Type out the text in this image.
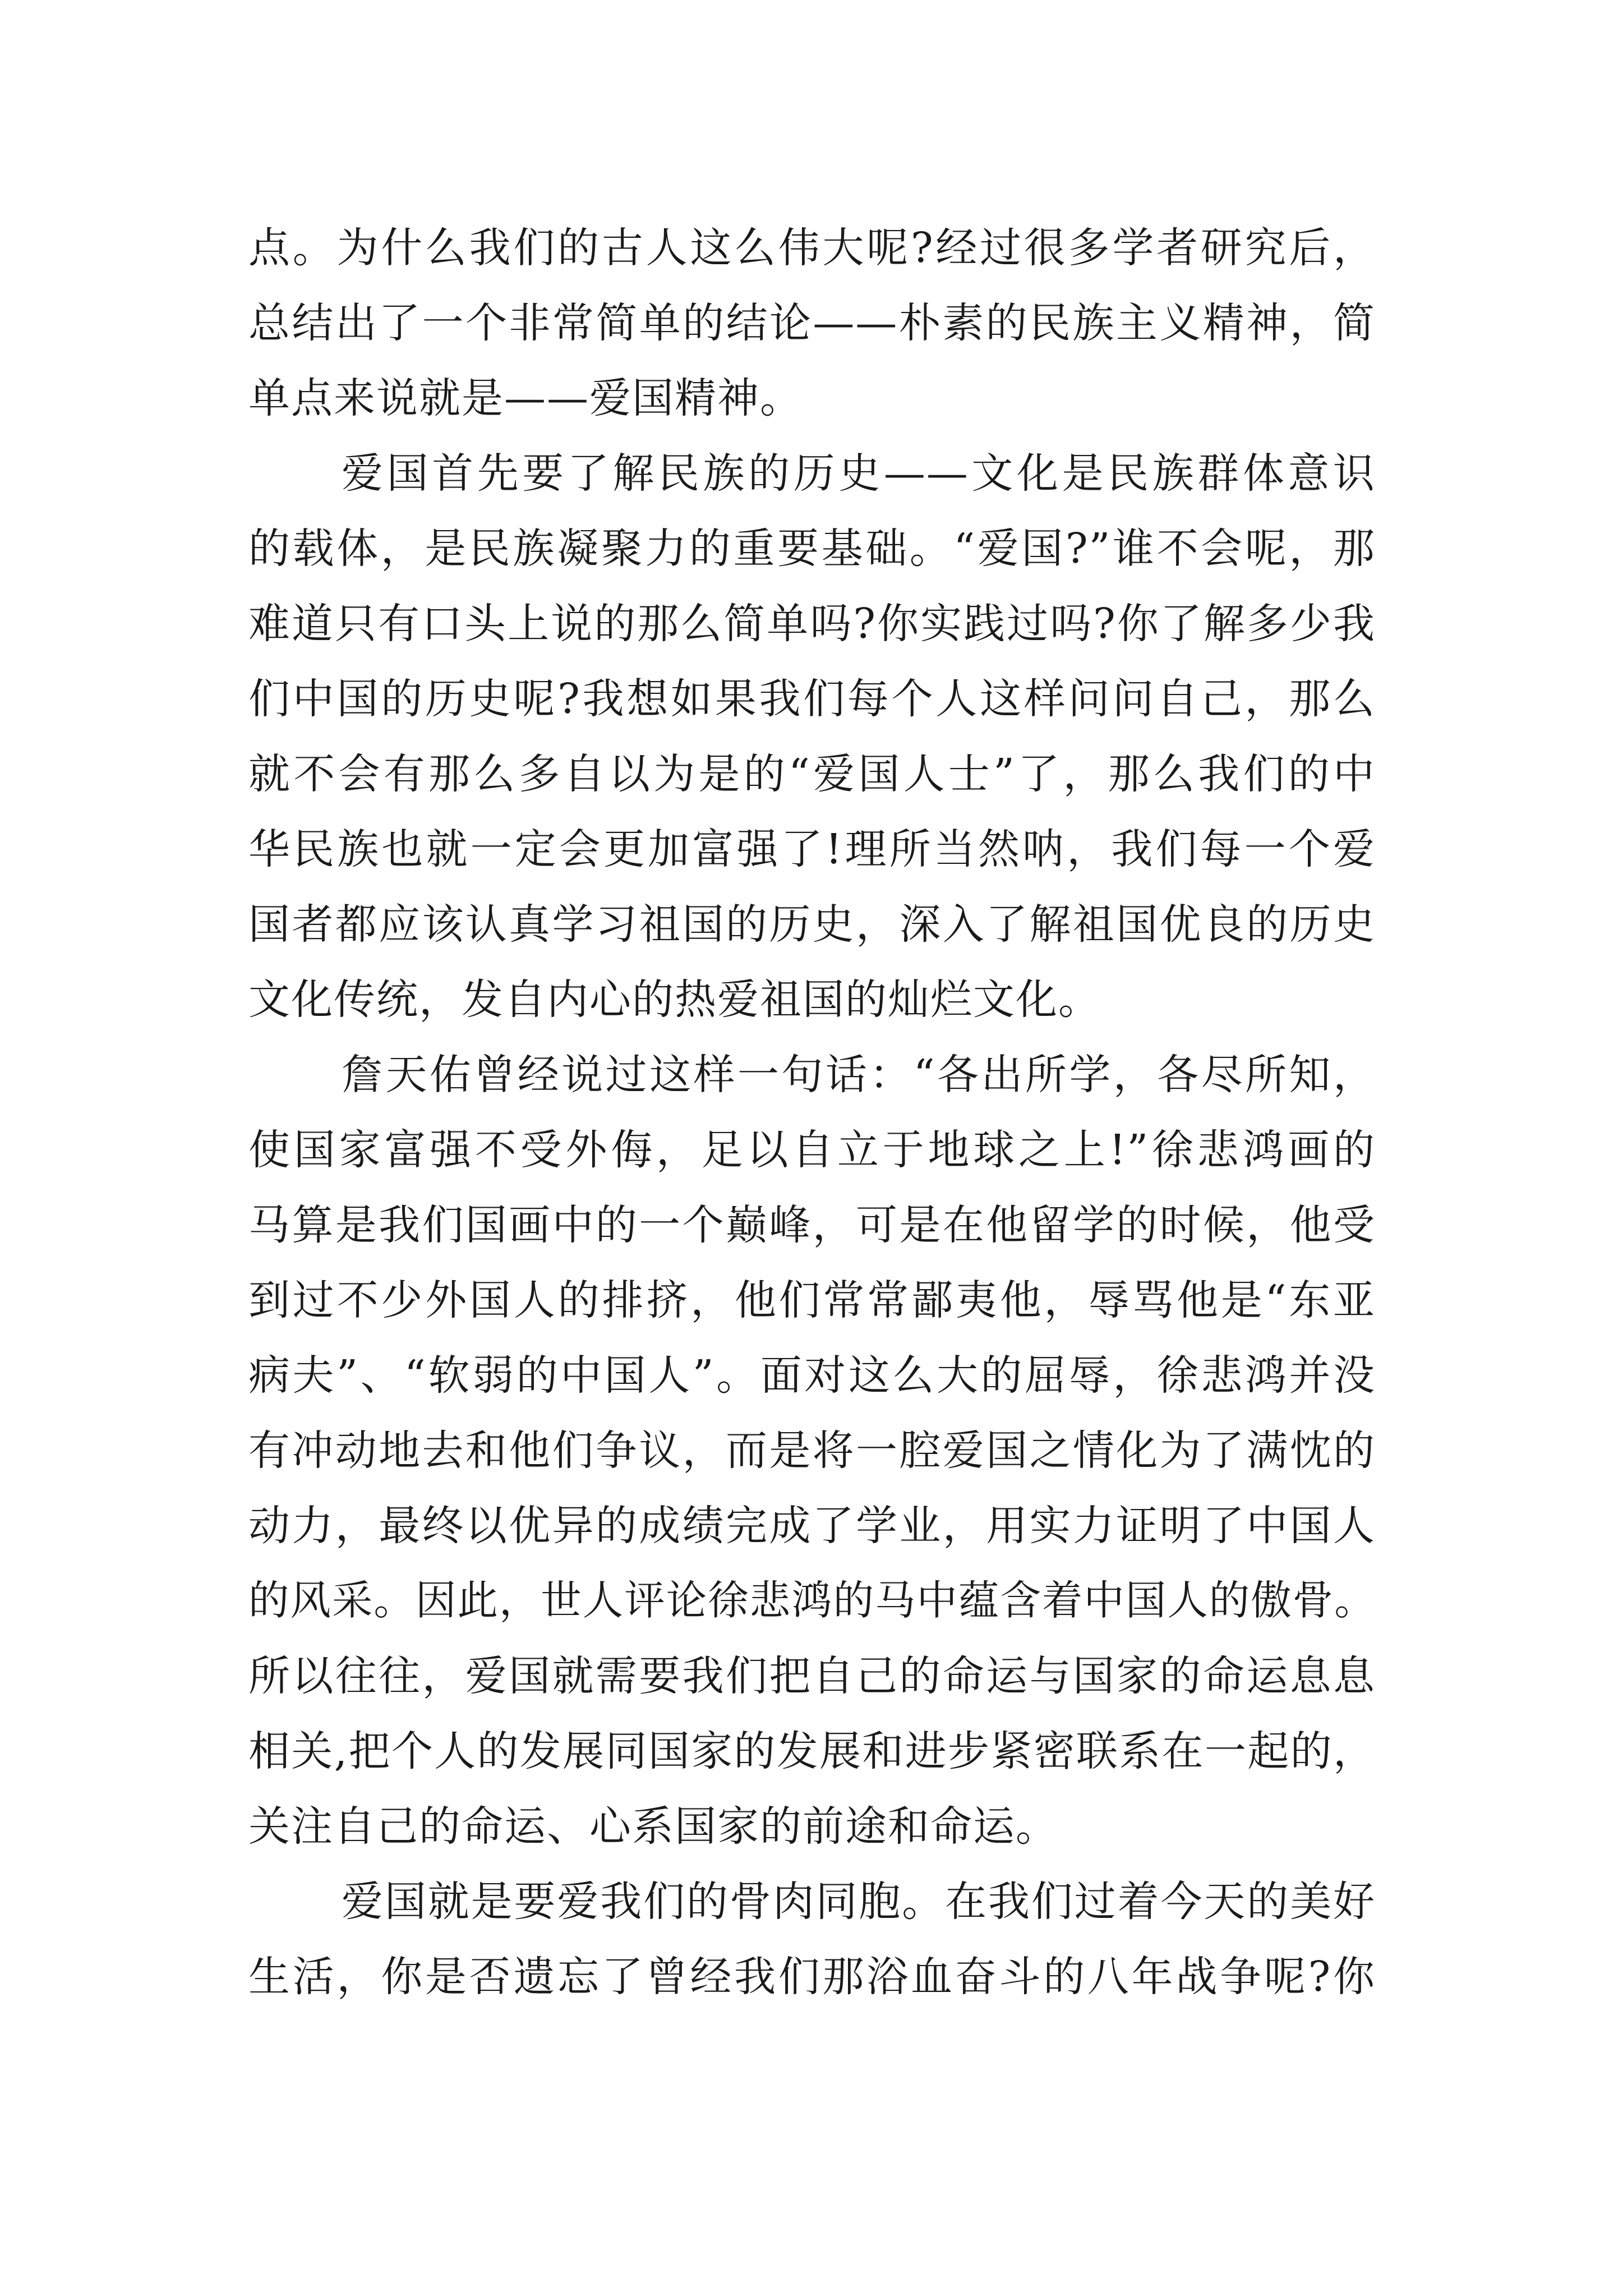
点。为什么我们的古人这么伟大呢?经过很多学者研究后，
总结出了一个非常简单的结论——朴素的民族主义精神，简
单点来说就是——爱国精神。
爱国首先要了解民族的历史——文化是民族群体意识
的载体，是民族凝聚力的重要基础。“爱国?”谁不会呢，那
难道只有口头上说的那么简单吗?你实践过吗?你了解多少我
们中国的历史呢?我想如果我们每个人这样问问自己，那么
就不会有那么多自以为是的“爱国人士”了，那么我们的中
华民族也就一定会更加富强了!理所当然呐，我们每一个爱
国者都应该认真学习祖国的历史，深入了解祖国优良的历史
文化传统，发自内心的热爱祖国的灿烂文化。
詹天佑曾经说过这样一句话：“各出所学，各尽所知，
使国家富强不受外侮，足以自立于地球之上!”徐悲鸿画的
马算是我们国画中的一个巅峰，可是在他留学的时候，他受
到过不少外国人的排挤，他们常常鄙夷他，辱骂他是“东亚
病夫”、“软弱的中国人”。面对这么大的屈辱，徐悲鸿并没
有冲动地去和他们争议，而是将一腔爱国之情化为了满忱的
动力，最终以优异的成绩完成了学业，用实力证明了中国人
的风采。因此，世人评论徐悲鸿的马中蕴含着中国人的傲骨。
所以往往，爱国就需要我们把自己的命运与国家的命运息息
相关,把个人的发展同国家的发展和进步紧密联系在一起的，
关注自己的命运、心系国家的前途和命运。
爱国就是要爱我们的骨肉同胞。在我们过着今天的美好
生活，你是否遗忘了曾经我们那浴血奋斗的八年战争呢?你
